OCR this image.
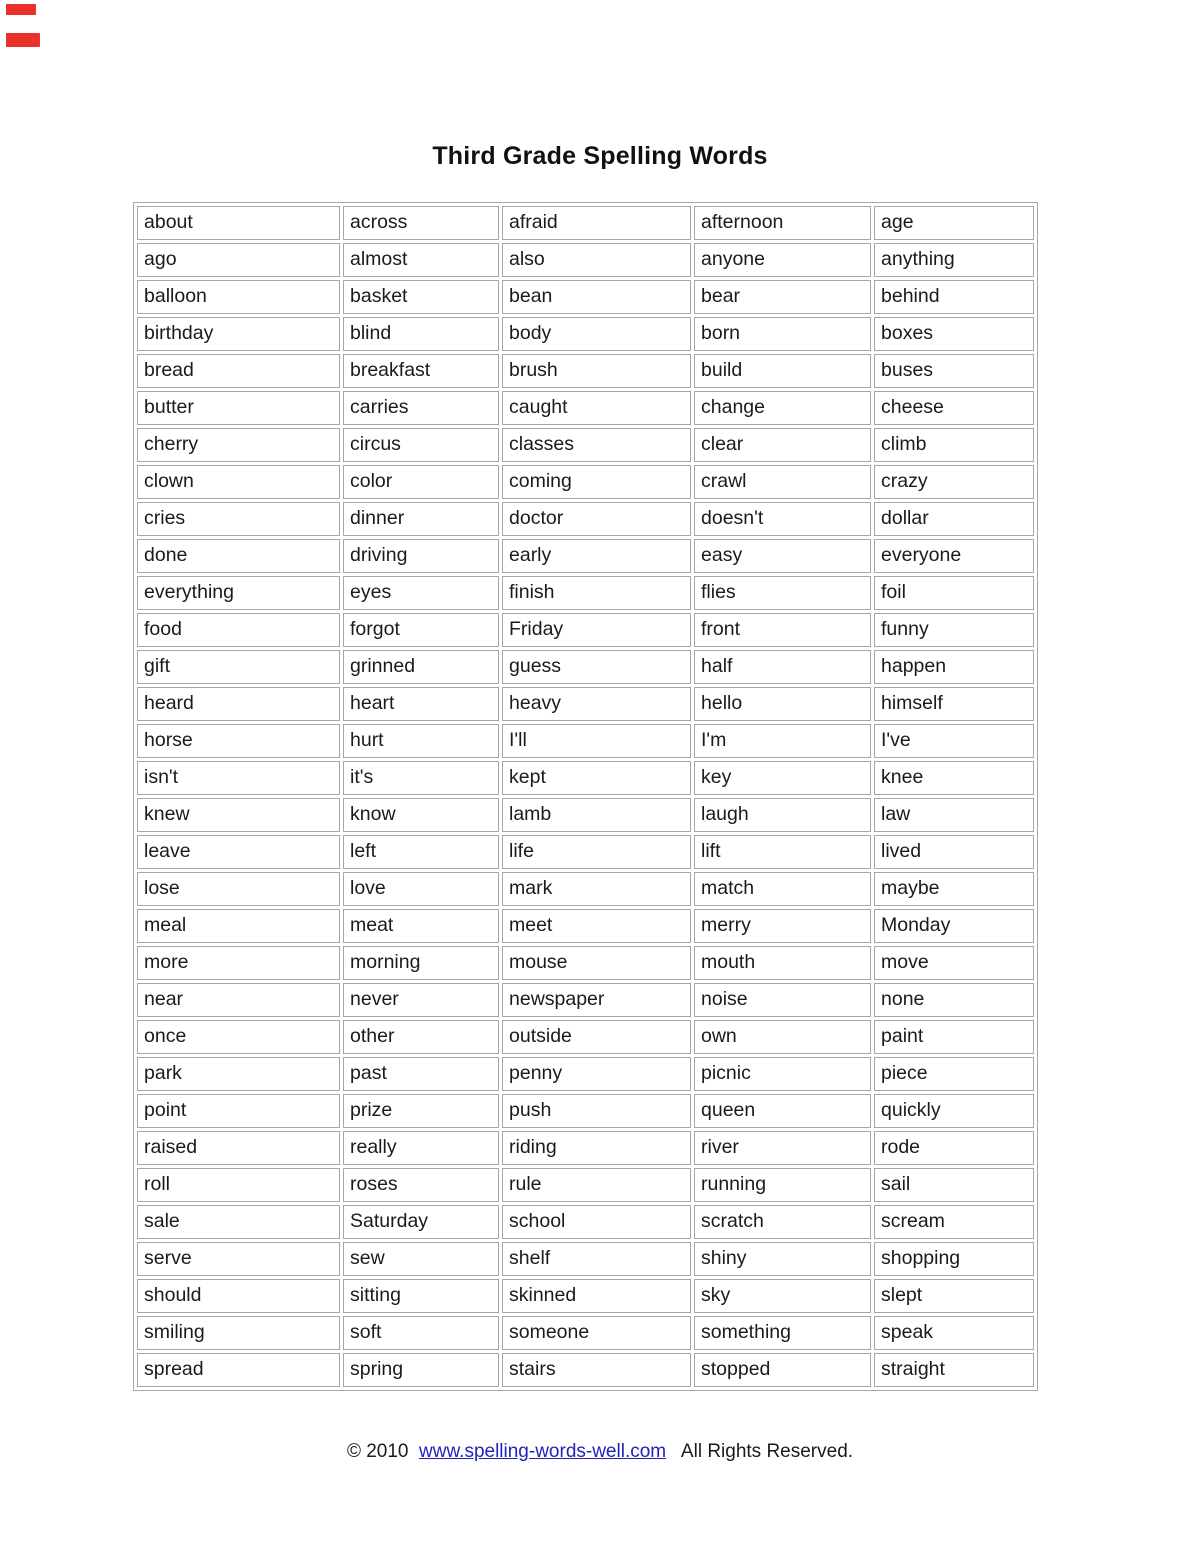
Third Grade Spelling Words
about	across	afraid	afternoon	age
ago	almost	also	anyone	anything
balloon	basket	bean	bear	behind
birthday	blind	body	born	boxes
bread	breakfast	brush	build	buses
butter	carries	caught	change	cheese
cherry	circus	classes	clear	climb
clown	color	coming	crawl	crazy
cries	dinner	doctor	doesn't	dollar
done	driving	early	easy	everyone
everything	eyes	finish	flies	foil
food	forgot	Friday	front	funny
gift	grinned	guess	half	happen
heard	heart	heavy	hello	himself
horse	hurt	I'll	I'm	I've
isn't	it's	kept	key	knee
knew	know	lamb	laugh	law
leave	left	life	lift	lived
lose	love	mark	match	maybe
meal	meat	meet	merry	Monday
more	morning	mouse	mouth	move
near	never	newspaper	noise	none
once	other	outside	own	paint
park	past	penny	picnic	piece
point	prize	push	queen	quickly
raised	really	riding	river	rode
roll	roses	rule	running	sail
sale	Saturday	school	scratch	scream
serve	sew	shelf	shiny	shopping
should	sitting	skinned	sky	slept
smiling	soft	someone	something	speak
spread	spring	stairs	stopped	straight

© 2010 www.spelling-words-well.com All Rights Reserved.
